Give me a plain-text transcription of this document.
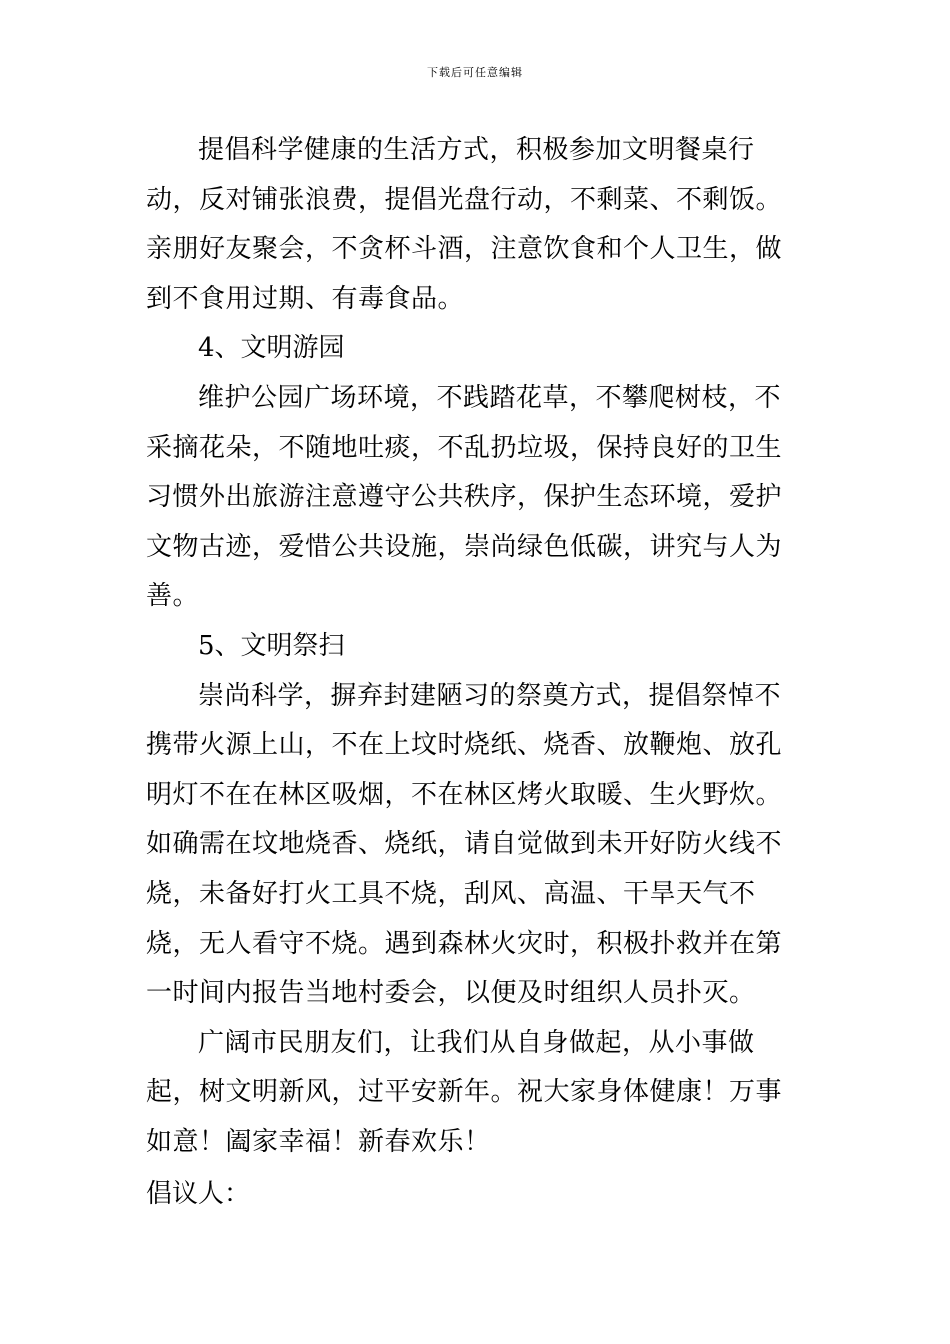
下载后可任意编辑

提倡科学健康的生活方式，积极参加文明餐桌行动，反对铺张浪费，提倡光盘行动，不剩菜、不剩饭。亲朋好友聚会，不贪杯斗酒，注意饮食和个人卫生，做到不食用过期、有毒食品。

4、文明游园

维护公园广场环境，不践踏花草，不攀爬树枝，不采摘花朵，不随地吐痰，不乱扔垃圾，保持良好的卫生习惯外出旅游注意遵守公共秩序，保护生态环境，爱护文物古迹，爱惜公共设施，崇尚绿色低碳，讲究与人为善。

5、文明祭扫

崇尚科学，摒弃封建陋习的祭奠方式，提倡祭悼不携带火源上山，不在上坟时烧纸、烧香、放鞭炮、放孔明灯不在在林区吸烟，不在林区烤火取暖、生火野炊。如确需在坟地烧香、烧纸，请自觉做到未开好防火线不烧，未备好打火工具不烧，刮风、高温、干旱天气不烧，无人看守不烧。遇到森林火灾时，积极扑救并在第一时间内报告当地村委会，以便及时组织人员扑灭。

广阔市民朋友们，让我们从自身做起，从小事做起，树文明新风，过平安新年。祝大家身体健康！万事如意！阖家幸福！新春欢乐！

倡议人：
